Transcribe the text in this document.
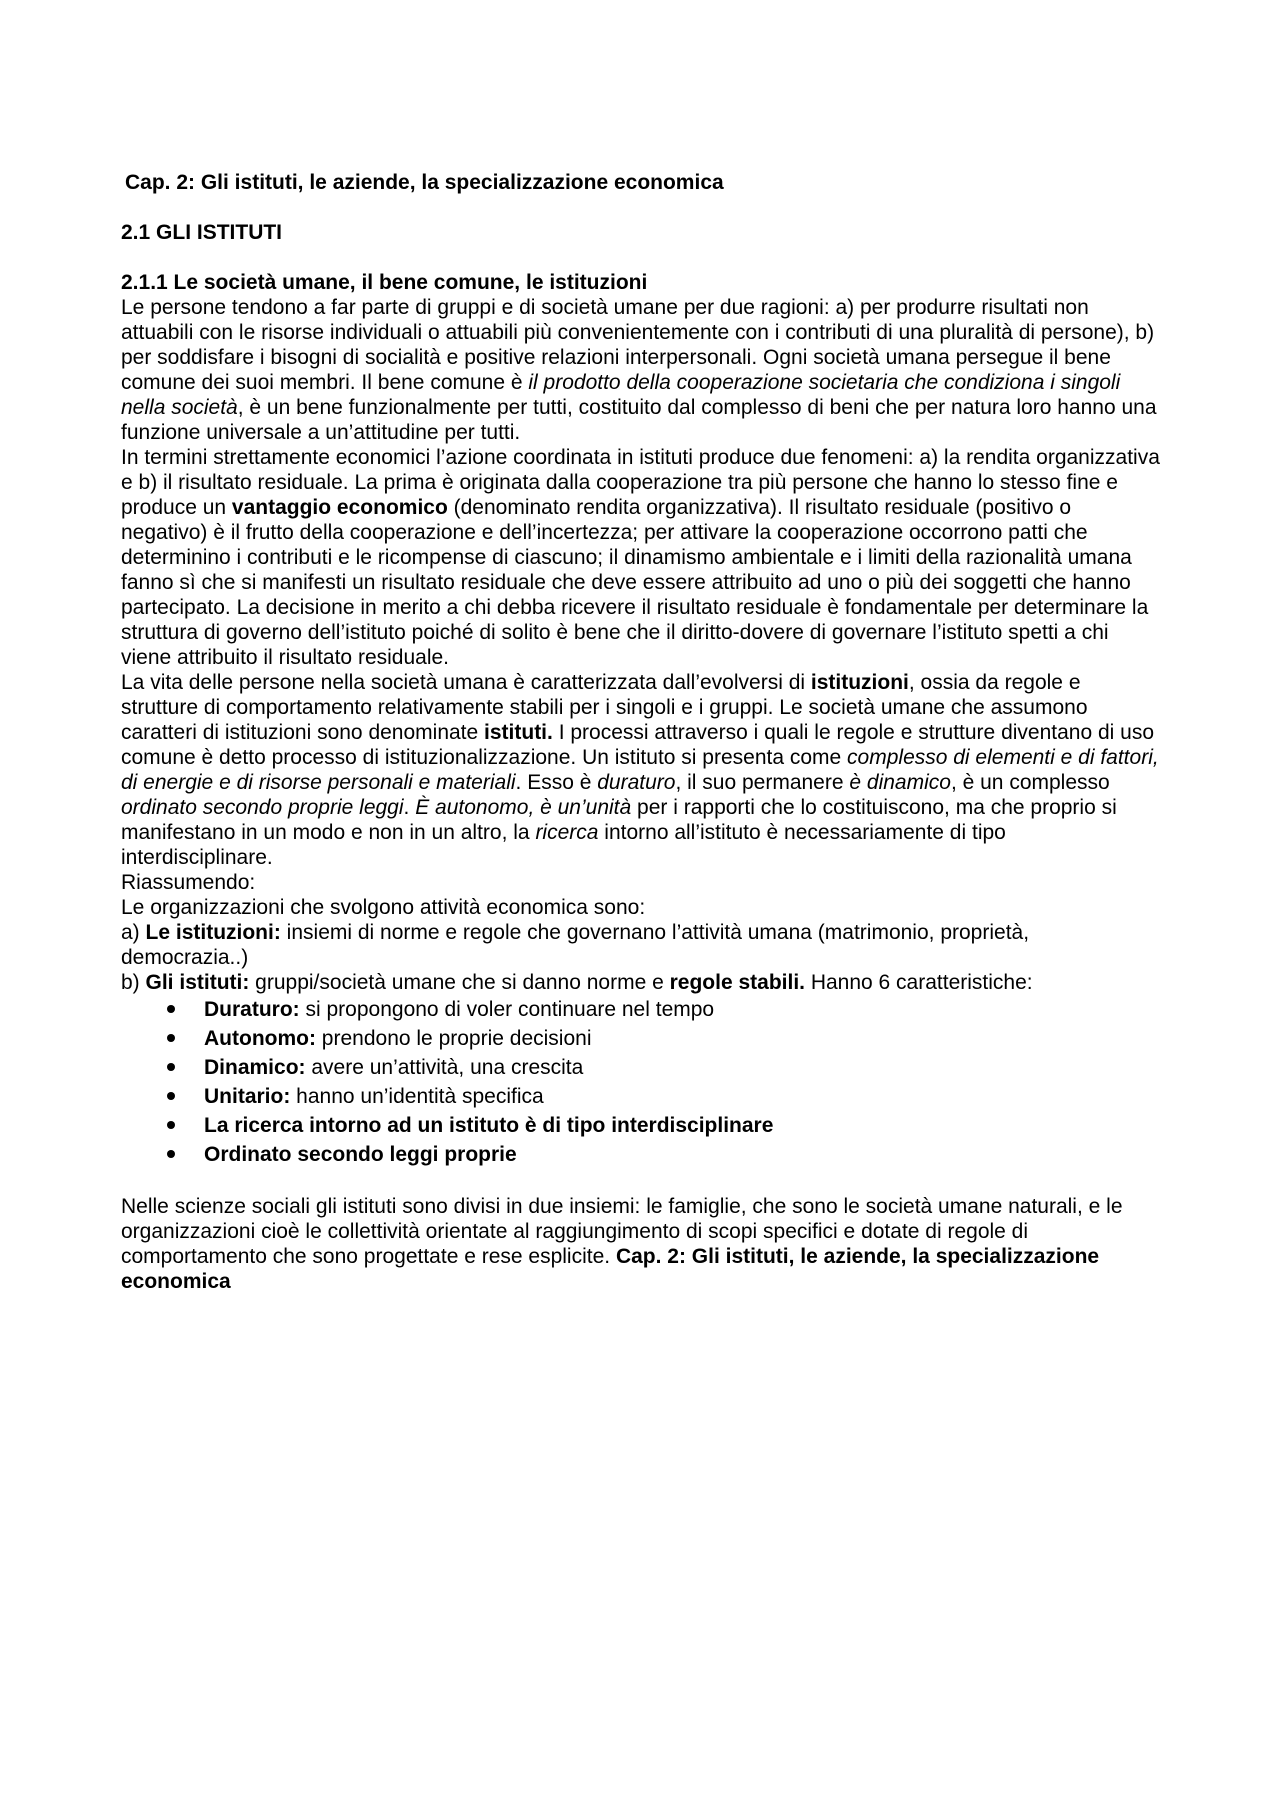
Cap. 2: Gli istituti, le aziende, la specializzazione economica
2.1 GLI ISTITUTI
2.1.1 Le società umane, il bene comune, le istituzioni

Le persone tendono a far parte di gruppi e di società umane per due ragioni: a) per produrre risultati non attuabili con le risorse individuali o attuabili più convenientemente con i contributi di una pluralità di persone), b) per soddisfare i bisogni di socialità e positive relazioni interpersonali. Ogni società umana persegue il bene comune dei suoi membri. Il bene comune è il prodotto della cooperazione societaria che condiziona i singoli nella società, è un bene funzionalmente per tutti, costituito dal complesso di beni che per natura loro hanno una funzione universale a un’attitudine per tutti.

In termini strettamente economici l’azione coordinata in istituti produce due fenomeni: a) la rendita organizzativa e b) il risultato residuale. La prima è originata dalla cooperazione tra più persone che hanno lo stesso fine e produce un vantaggio economico (denominato rendita organizzativa). Il risultato residuale (positivo o negativo) è il frutto della cooperazione e dell’incertezza; per attivare la cooperazione occorrono patti che determinino i contributi e le ricompense di ciascuno; il dinamismo ambientale e i limiti della razionalità umana fanno sì che si manifesti un risultato residuale che deve essere attribuito ad uno o più dei soggetti che hanno partecipato. La decisione in merito a chi debba ricevere il risultato residuale è fondamentale per determinare la struttura di governo dell’istituto poiché di solito è bene che il diritto-dovere di governare l’istituto spetti a chi viene attribuito il risultato residuale.

La vita delle persone nella società umana è caratterizzata dall’evolversi di istituzioni, ossia da regole e strutture di comportamento relativamente stabili per i singoli e i gruppi. Le società umane che assumono caratteri di istituzioni sono denominate istituti. I processi attraverso i quali le regole e strutture diventano di uso comune è detto processo di istituzionalizzazione. Un istituto si presenta come complesso di elementi e di fattori, di energie e di risorse personali e materiali. Esso è duraturo, il suo permanere è dinamico, è un complesso ordinato secondo proprie leggi. È autonomo, è un’unità per i rapporti che lo costituiscono, ma che proprio si manifestano in un modo e non in un altro, la ricerca intorno all’istituto è necessariamente di tipo interdisciplinare.

Riassumendo:

Le organizzazioni che svolgono attività economica sono:

a) Le istituzioni: insiemi di norme e regole che governano l’attività umana (matrimonio, proprietà, democrazia..)

b) Gli istituti: gruppi/società umane che si danno norme e regole stabili. Hanno 6 caratteristiche:

Duraturo: si propongono di voler continuare nel tempo
Autonomo: prendono le proprie decisioni
Dinamico: avere un’attività, una crescita
Unitario: hanno un’identità specifica
La ricerca intorno ad un istituto è di tipo interdisciplinare
Ordinato secondo leggi proprie

Nelle scienze sociali gli istituti sono divisi in due insiemi: le famiglie, che sono le società umane naturali, e le organizzazioni cioè le collettività orientate al raggiungimento di scopi specifici e dotate di regole di comportamento che sono progettate e rese esplicite. Cap. 2: Gli istituti, le aziende, la specializzazione economica
